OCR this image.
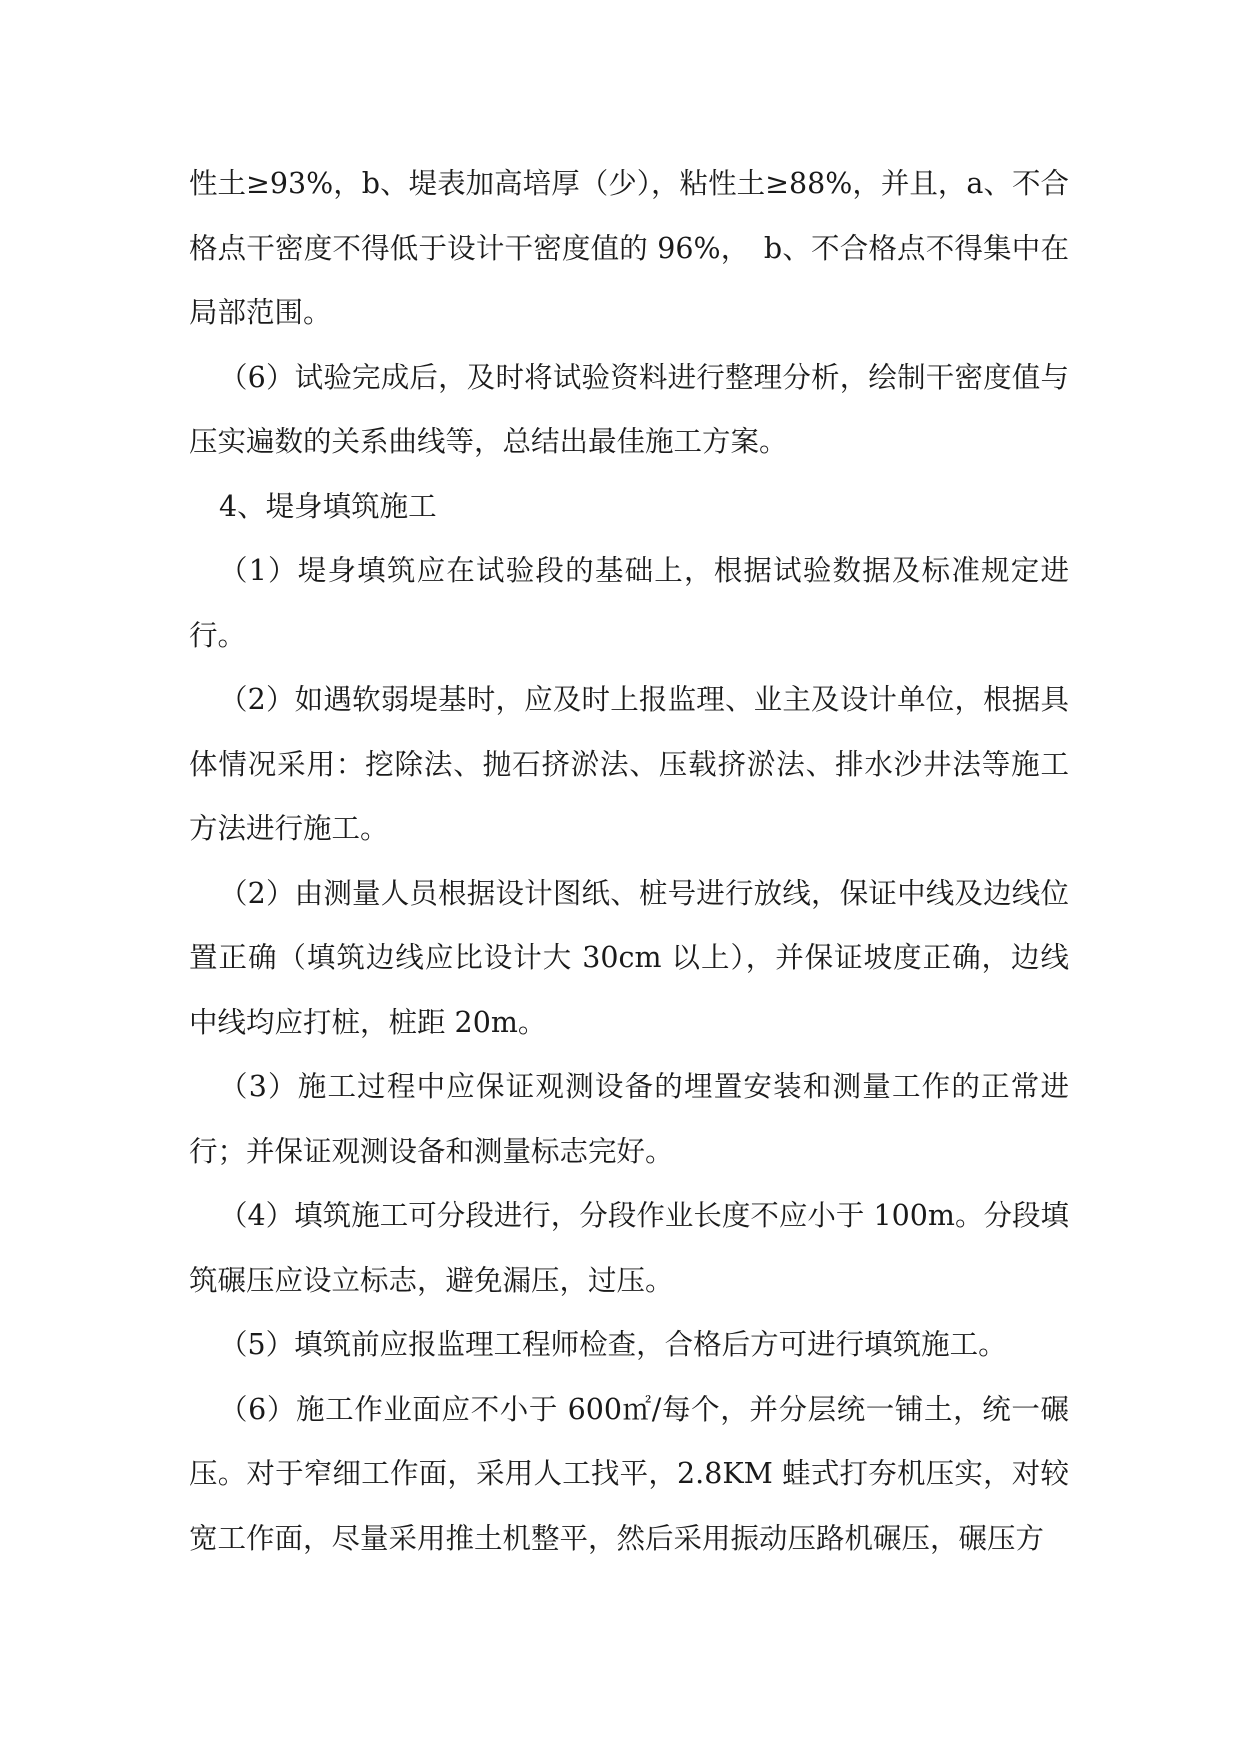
性土≥93%，b、堤表加高培厚（少），粘性土≥88%，并且，a、不合格点干密度不得低于设计干密度值的 96%，　b、不合格点不得集中在局部范围。

（6）试验完成后，及时将试验资料进行整理分析，绘制干密度值与压实遍数的关系曲线等，总结出最佳施工方案。

4、堤身填筑施工

（1）堤身填筑应在试验段的基础上，根据试验数据及标准规定进行。

（2）如遇软弱堤基时，应及时上报监理、业主及设计单位，根据具体情况采用：挖除法、抛石挤淤法、压载挤淤法、排水沙井法等施工方法进行施工。

（2）由测量人员根据设计图纸、桩号进行放线，保证中线及边线位置正确（填筑边线应比设计大 30cm 以上），并保证坡度正确，边线中线均应打桩，桩距 20m。

（3）施工过程中应保证观测设备的埋置安装和测量工作的正常进行；并保证观测设备和测量标志完好。

（4）填筑施工可分段进行，分段作业长度不应小于 100m。分段填筑碾压应设立标志，避免漏压，过压。

（5）填筑前应报监理工程师检查，合格后方可进行填筑施工。

（6）施工作业面应不小于 600㎡/每个，并分层统一铺土，统一碾压。对于窄细工作面，采用人工找平，2.8KM 蛙式打夯机压实，对较宽工作面，尽量采用推土机整平，然后采用振动压路机碾压，碾压方
